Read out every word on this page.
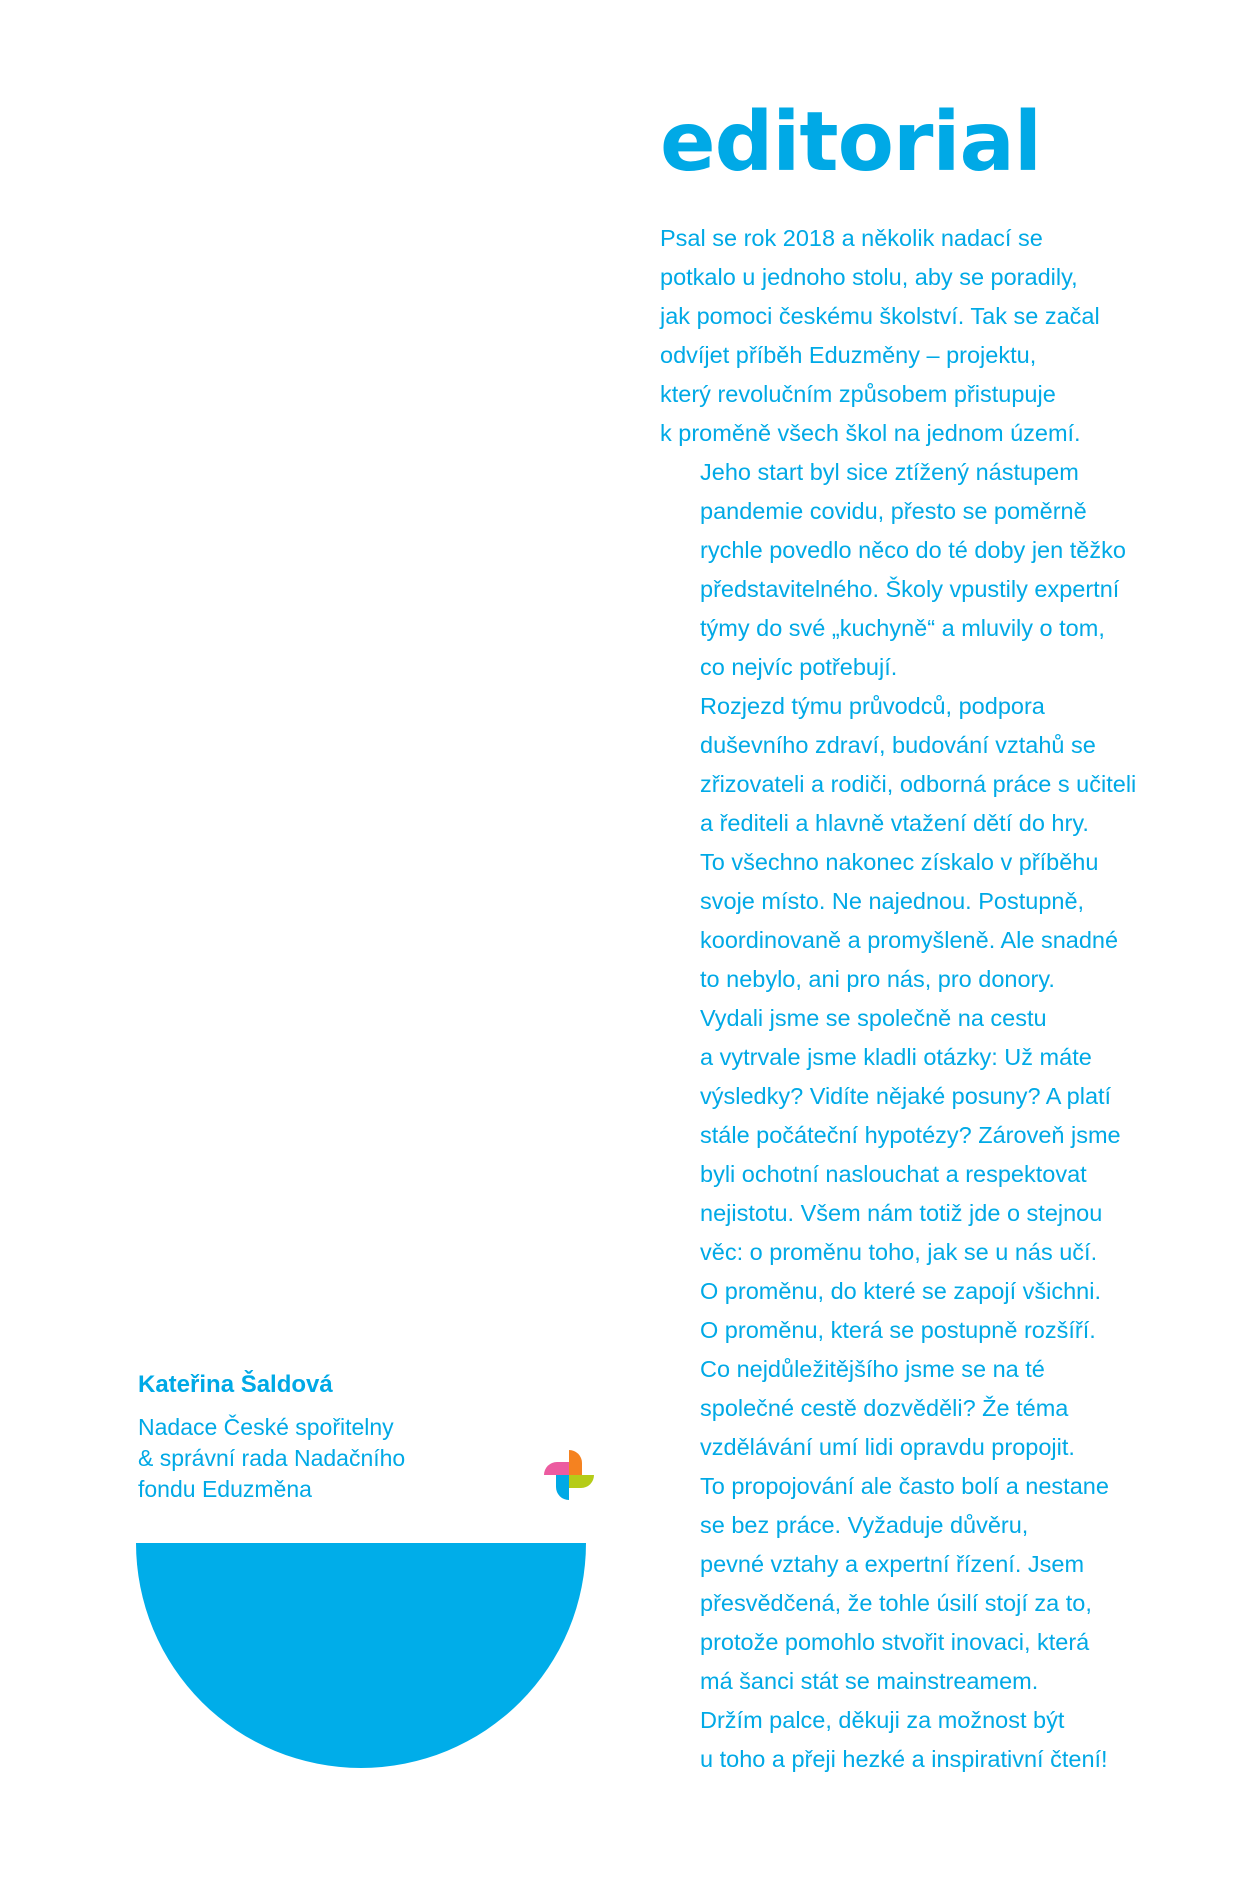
editorial

Psal se rok 2018 a několik nadací se
potkalo u jednoho stolu, aby se poradily,
jak pomoci českému školství. Tak se začal
odvíjet příběh Eduzměny – projektu,
který revolučním způsobem přistupuje
k proměně všech škol na jednom území.

Jeho start byl sice ztížený nástupem
pandemie covidu, přesto se poměrně
rychle povedlo něco do té doby jen těžko
představitelného. Školy vpustily expertní
týmy do své „kuchyně“ a mluvily o tom,
co nejvíc potřebují.

Rozjezd týmu průvodců, podpora
duševního zdraví, budování vztahů se
zřizovateli a rodiči, odborná práce s učiteli
a řediteli a hlavně vtažení dětí do hry.
To všechno nakonec získalo v příběhu
svoje místo. Ne najednou. Postupně,
koordinovaně a promyšleně. Ale snadné
to nebylo, ani pro nás, pro donory.

Vydali jsme se společně na cestu
a vytrvale jsme kladli otázky: Už máte
výsledky? Vidíte nějaké posuny? A platí
stále počáteční hypotézy? Zároveň jsme
byli ochotní naslouchat a respektovat
nejistotu. Všem nám totiž jde o stejnou
věc: o proměnu toho, jak se u nás učí.
O proměnu, do které se zapojí všichni.
O proměnu, která se postupně rozšíří.

Co nejdůležitějšího jsme se na té
společné cestě dozvěděli? Že téma
vzdělávání umí lidi opravdu propojit.
To propojování ale často bolí a nestane
se bez práce. Vyžaduje důvěru,
pevné vztahy a expertní řízení. Jsem
přesvědčená, že tohle úsilí stojí za to,
protože pomohlo stvořit inovaci, která
má šanci stát se mainstreamem.

Držím palce, děkuji za možnost být
u toho a přeji hezké a inspirativní čtení!

Kateřina Šaldová

Nadace České spořitelny
& správní rada Nadačního
fondu Eduzměna
